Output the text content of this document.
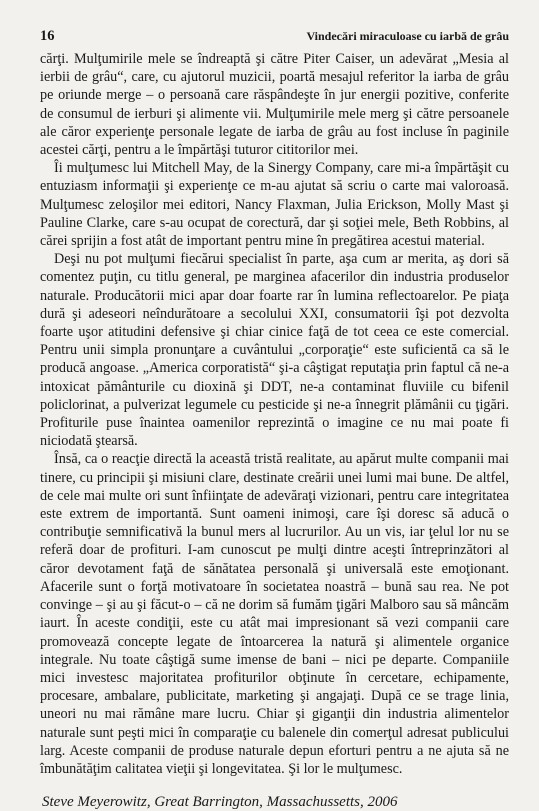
16	Vindecări miraculoase cu iarbă de grâu

cărţi. Mulţumirile mele se îndreaptă şi către Piter Caiser, un adevărat „Mesia al ierbii de grâu“, care, cu ajutorul muzicii, poartă mesajul referitor la iarba de grâu pe oriunde merge – o persoană care răspândeşte în jur energii pozitive, conferite de consumul de ierburi şi alimente vii. Mulţumirile mele merg şi către persoanele ale căror experienţe personale legate de iarba de grâu au fost incluse în paginile acestei cărţi, pentru a le împărtăşi tuturor cititorilor mei.

Îi mulţumesc lui Mitchell May, de la Sinergy Company, care mi-a împărtăşit cu entuziasm informaţii şi experienţe ce m-au ajutat să scriu o carte mai valoroasă. Mulţumesc zeloşilor mei editori, Nancy Flaxman, Julia Erickson, Molly Mast şi Pauline Clarke, care s-au ocupat de corectură, dar şi soţiei mele, Beth Robbins, al cărei sprijin a fost atât de important pentru mine în pregătirea acestui material.

Deşi nu pot mulţumi fiecărui specialist în parte, aşa cum ar merita, aş dori să comentez puţin, cu titlu general, pe marginea afacerilor din industria produselor naturale. Producătorii mici apar doar foarte rar în lumina reflectoarelor. Pe piaţa dură şi adeseori neîndurătoare a secolului XXI, consumatorii îşi pot dezvolta foarte uşor atitudini defensive şi chiar cinice faţă de tot ceea ce este comercial. Pentru unii simpla pronunţare a cuvântului „corporaţie“ este suficientă ca să le producă angoase. „America corporatistă“ şi-a câştigat reputaţia prin faptul că ne-a intoxicat pământurile cu dioxină şi DDT, ne-a contaminat fluviile cu bifenil policlorinat, a pulverizat legumele cu pesticide şi ne-a înnegrit plămânii cu ţigări. Profiturile puse înaintea oamenilor reprezintă o imagine ce nu mai poate fi niciodată ştearsă.

Însă, ca o reacţie directă la această tristă realitate, au apărut multe companii mai tinere, cu principii şi misiuni clare, destinate creării unei lumi mai bune. De altfel, de cele mai multe ori sunt înfiinţate de adevăraţi vizionari, pentru care integritatea este extrem de importantă. Sunt oameni inimoşi, care îşi doresc să aducă o contribuţie semnificativă la bunul mers al lucrurilor. Au un vis, iar ţelul lor nu se referă doar de profituri. I-am cunoscut pe mulţi dintre aceşti întreprinzători al căror devotament faţă de sănătatea personală şi universală este emoţionant. Afacerile sunt o forţă motivatoare în societatea noastră – bună sau rea. Ne pot convinge – şi au şi făcut-o – că ne dorim să fumăm ţigări Malboro sau să mâncăm iaurt. În aceste condiţii, este cu atât mai impresionant să vezi companii care promovează concepte legate de întoarcerea la natură şi alimentele organice integrale. Nu toate câştigă sume imense de bani – nici pe departe. Companiile mici investesc majoritatea profiturilor obţinute în cercetare, echipamente, procesare, ambalare, publicitate, marketing şi angajaţi. După ce se trage linia, uneori nu mai rămâne mare lucru. Chiar şi giganţii din industria alimentelor naturale sunt peşti mici în comparaţie cu balenele din comerţul adresat publicului larg. Aceste companii de produse naturale depun eforturi pentru a ne ajuta să ne îmbunătăţim calitatea vieţii şi longevitatea. Şi lor le mulţumesc.

Steve Meyerowitz, Great Barrington, Massachussetts, 2006
